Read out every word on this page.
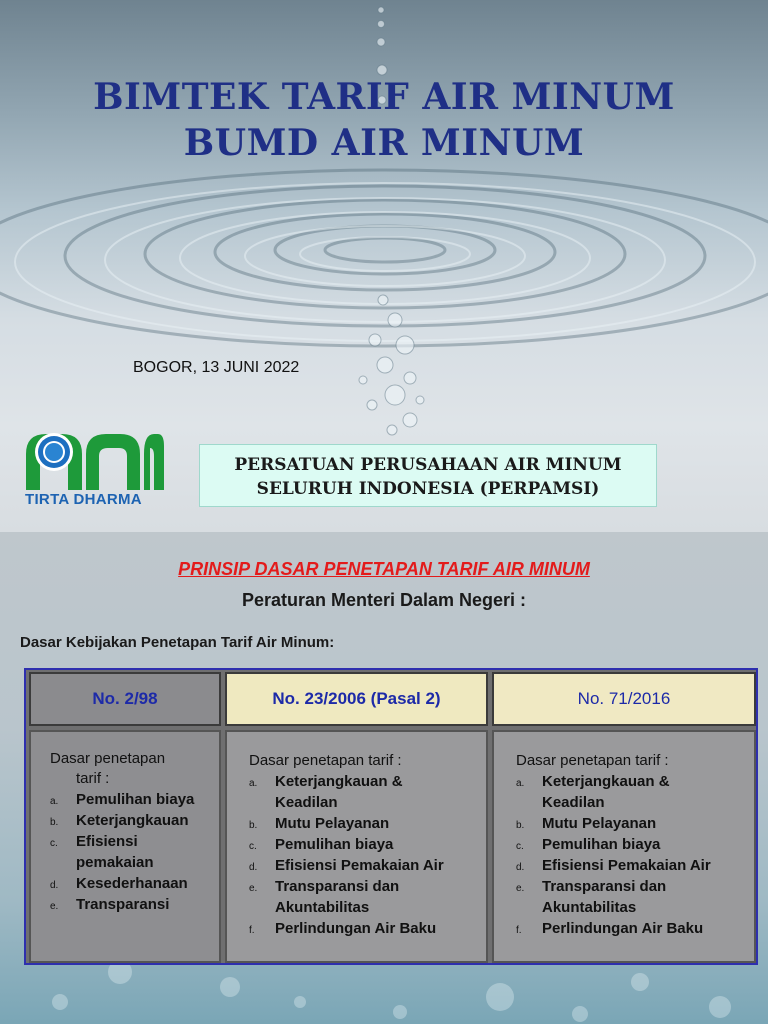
BIMTEK TARIF AIR MINUM
BUMD AIR MINUM
BOGOR, 13 JUNI 2022
TIRTA DHARMA
PERSATUAN PERUSAHAAN AIR MINUM
SELURUH INDONESIA (PERPAMSI)
PRINSIP DASAR PENETAPAN TARIF AIR MINUM
Peraturan Menteri Dalam Negeri :
Dasar Kebijakan Penetapan Tarif Air Minum:
No. 2/98
Dasar penetapan
tarif :
a. Pemulihan biaya
b. Keterjangkauan
c. Efisiensi pemakaian
d. Kesederhanaan
e. Transparansi
No. 23/2006 (Pasal 2)
Dasar penetapan tarif :
a. Keterjangkauan & Keadilan
b. Mutu Pelayanan
c. Pemulihan biaya
d. Efisiensi Pemakaian Air
e. Transparansi dan Akuntabilitas
f. Perlindungan Air Baku
No. 71/2016
Dasar penetapan tarif :
a. Keterjangkauan & Keadilan
b. Mutu Pelayanan
c. Pemulihan biaya
d. Efisiensi Pemakaian Air
e. Transparansi dan Akuntabilitas
f. Perlindungan Air Baku
